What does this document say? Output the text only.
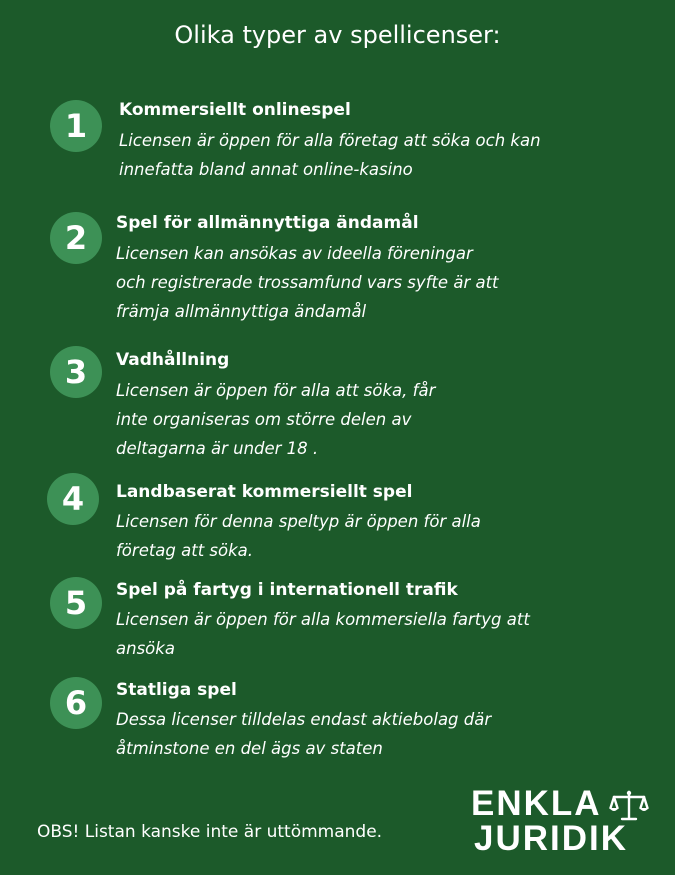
Olika typer av spellicenser:
1	Kommersiellt onlinespel
Licensen är öppen för alla företag att söka och kan
innefatta bland annat online-kasino
2	Spel för allmännyttiga ändamål
Licensen kan ansökas av ideella föreningar
och registrerade trossamfund vars syfte är att
främja allmännyttiga ändamål
3	Vadhållning
Licensen är öppen för alla att söka, får
inte organiseras om större delen av
deltagarna är under 18 .
4	Landbaserat kommersiellt spel
Licensen för denna speltyp är öppen för alla
företag att söka.
5	Spel på fartyg i internationell trafik
Licensen är öppen för alla kommersiella fartyg att
ansöka
6	Statliga spel
Dessa licenser tilldelas endast aktiebolag där
åtminstone en del ägs av staten
OBS! Listan kanske inte är uttömmande.
ENKLA
JURIDIK
